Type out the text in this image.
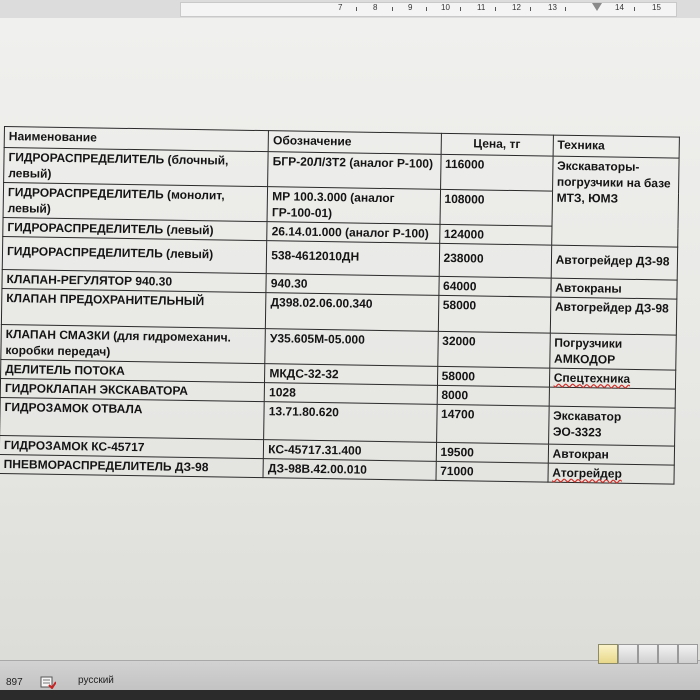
7	8	9	10	11	12	13	14	15
Наименование	Обозначение	Цена, тг	Техника
ГИДРОРАСПРЕДЕЛИТЕЛЬ (блочный, левый)	БГР-20Л/3Т2 (аналог Р-100)	116000	Экскаваторы-погрузчики на базе МТЗ, ЮМЗ
ГИДРОРАСПРЕДЕЛИТЕЛЬ (монолит, левый)	МР 100.3.000 (аналог ГР-100-01)	108000	
ГИДРОРАСПРЕДЕЛИТЕЛЬ (левый)	26.14.01.000 (аналог Р-100)	124000	
ГИДРОРАСПРЕДЕЛИТЕЛЬ (левый)	538-4612010ДН	238000	Автогрейдер ДЗ-98
КЛАПАН-РЕГУЛЯТОР 940.30	940.30	64000	Автокраны
КЛАПАН ПРЕДОХРАНИТЕЛЬНЫЙ	Д398.02.06.00.340	58000	Автогрейдер ДЗ-98
КЛАПАН СМАЗКИ (для гидромеханич. коробки передач)	У35.605М-05.000	32000	Погрузчики АМКОДОР
ДЕЛИТЕЛЬ ПОТОКА	МКДС-32-32	58000	Спецтехника
ГИДРОКЛАПАН ЭКСКАВАТОРА	1028	8000	
ГИДРОЗАМОК ОТВАЛА	13.71.80.620	14700	Экскаватор ЭО-3323
ГИДРОЗАМОК КС-45717	КС-45717.31.400	19500	Автокран
ПНЕВМОРАСПРЕДЕЛИТЕЛЬ ДЗ-98	ДЗ-98В.42.00.010	71000	Атогрейдер
897	русский
